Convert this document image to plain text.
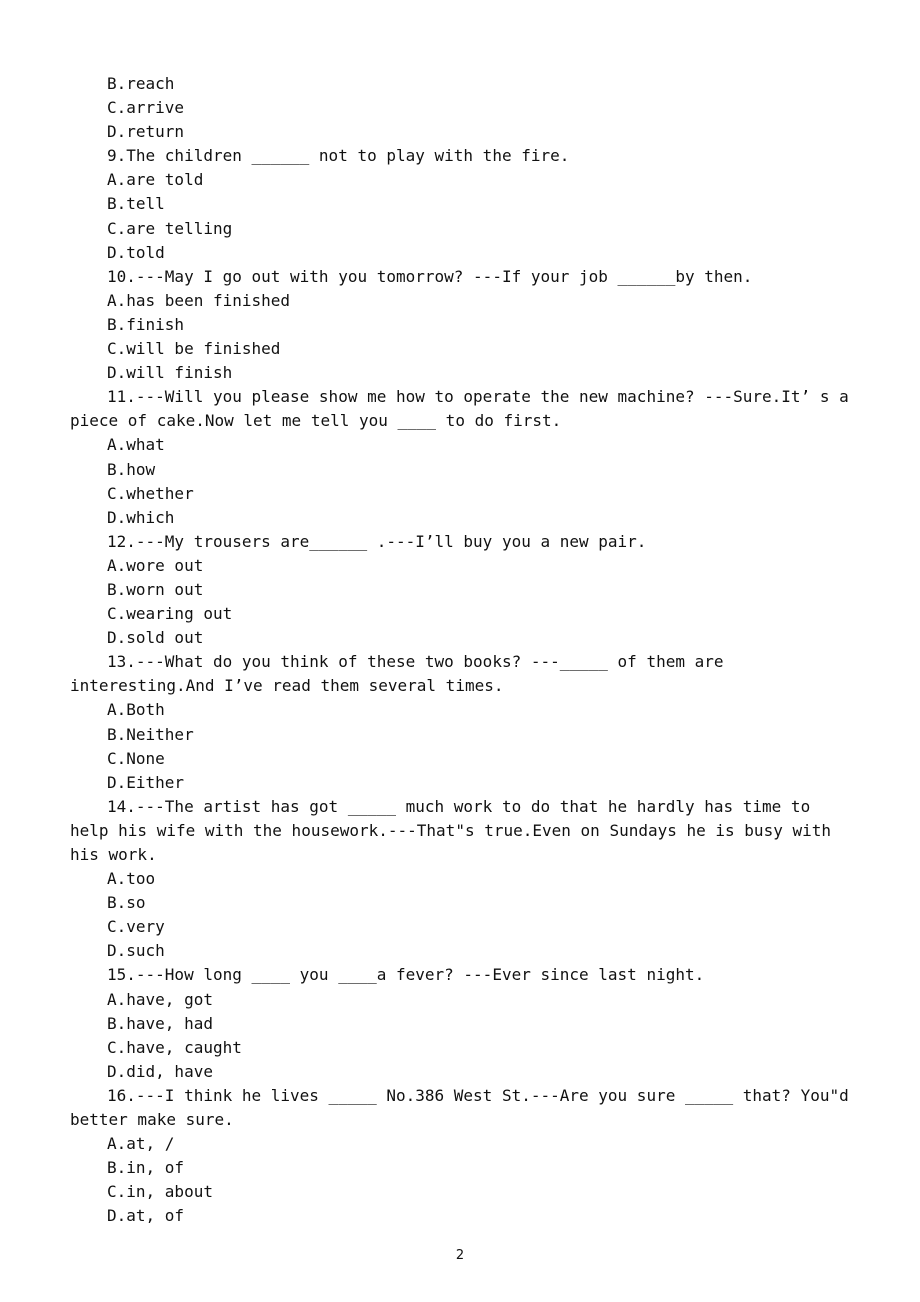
B.reach
C.arrive
D.return
9.The children ______ not to play with the fire.
A.are told
B.tell
C.are telling
D.told
10.---May I go out with you tomorrow? ---If your job ______by then.
A.has been finished
B.finish
C.will be finished
D.will finish
11.---Will you please show me how to operate the new machine? ---Sure.It’ s a piece of cake.Now let me tell you ____ to do first.
A.what
B.how
C.whether
D.which
12.---My trousers are______ .---I’ll buy you a new pair.
A.wore out
B.worn out
C.wearing out
D.sold out
13.---What do you think of these two books? ---_____ of them are interesting.And I’ve read them several times.
A.Both
B.Neither
C.None
D.Either
14.---The artist has got _____ much work to do that he hardly has time to help his wife with the housework.---That"s true.Even on Sundays he is busy with his work.
A.too
B.so
C.very
D.such
15.---How long ____ you ____a fever? ---Ever since last night.
A.have, got
B.have, had
C.have, caught
D.did, have
16.---I think he lives _____ No.386 West St.---Are you sure _____ that? You"d better make sure.
A.at, /
B.in, of
C.in, about
D.at, of
2
